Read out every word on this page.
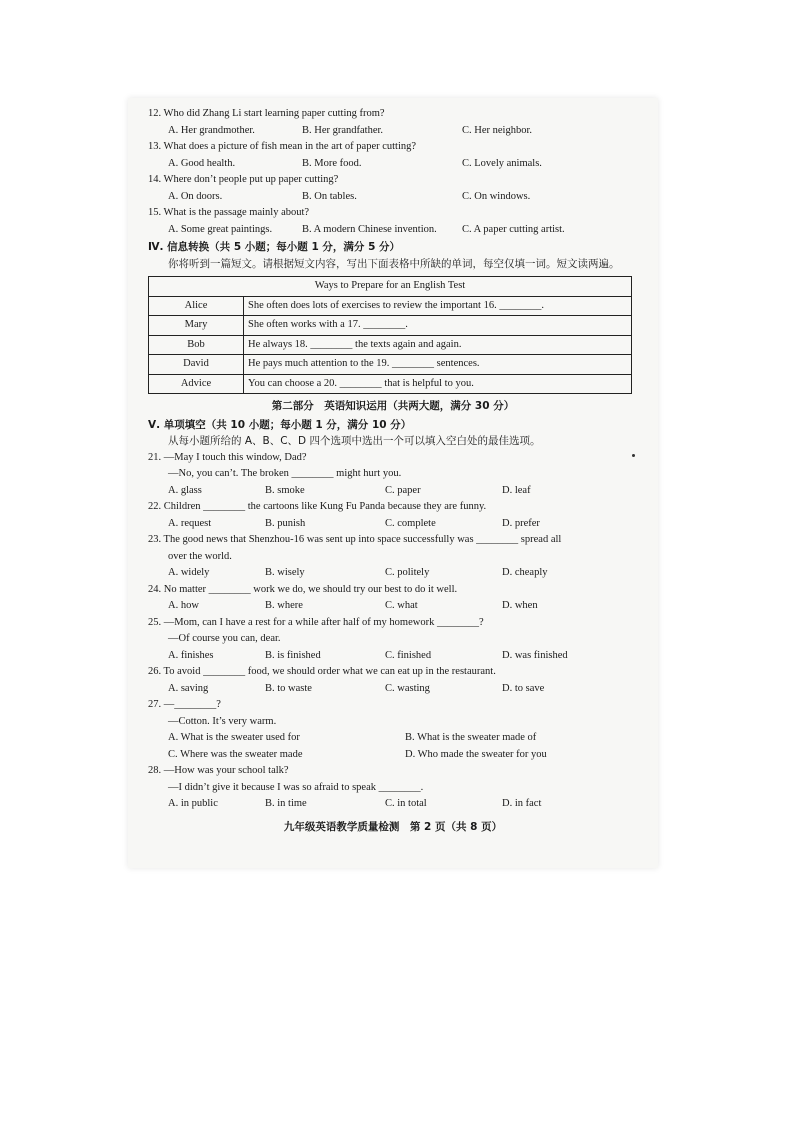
12. Who did Zhang Li start learning paper cutting from?

A. Her grandmother.	B. Her grandfather.	C. Her neighbor.

13. What does a picture of fish mean in the art of paper cutting?

A. Good health.	B. More food.	C. Lovely animals.

14. Where don’t people put up paper cutting?

A. On doors.	B. On tables.	C. On windows.

15. What is the passage mainly about?

A. Some great paintings.	B. A modern Chinese invention.	C. A paper cutting artist.

Ⅳ. 信息转换（共 5 小题；每小题 1 分，满分 5 分）

你将听到一篇短文。请根据短文内容，写出下面表格中所缺的单词，每空仅填一词。短文读两遍。

Ways to Prepare for an English Test	
Alice	She often does lots of exercises to review the important 16. ________.
Mary	She often works with a 17. ________.
Bob	He always 18. ________ the texts again and again.
David	He pays much attention to the 19. ________ sentences.
Advice	You can choose a 20. ________ that is helpful to you.

第二部分　英语知识运用（共两大题，满分 30 分）

Ⅴ. 单项填空（共 10 小题；每小题 1 分，满分 10 分）

从每小题所给的 A、B、C、D 四个选项中选出一个可以填入空白处的最佳选项。

21. —May I touch this window, Dad?

—No, you can’t. The broken ________ might hurt you.

A. glass	B. smoke	C. paper	D. leaf

22. Children ________ the cartoons like Kung Fu Panda because they are funny.

A. request	B. punish	C. complete	D. prefer

23. The good news that Shenzhou-16 was sent up into space successfully was ________ spread all

over the world.

A. widely	B. wisely	C. politely	D. cheaply

24. No matter ________ work we do, we should try our best to do it well.

A. how	B. where	C. what	D. when

25. —Mom, can I have a rest for a while after half of my homework ________?

—Of course you can, dear.

A. finishes	B. is finished	C. finished	D. was finished

26. To avoid ________ food, we should order what we can eat up in the restaurant.

A. saving	B. to waste	C. wasting	D. to save

27. —________?

—Cotton. It’s very warm.

A. What is the sweater used for	B. What is the sweater made of
C. Where was the sweater made	D. Who made the sweater for you

28. —How was your school talk?

—I didn’t give it because I was so afraid to speak ________.

A. in public	B. in time	C. in total	D. in fact

九年级英语教学质量检测　第 2 页（共 8 页）
